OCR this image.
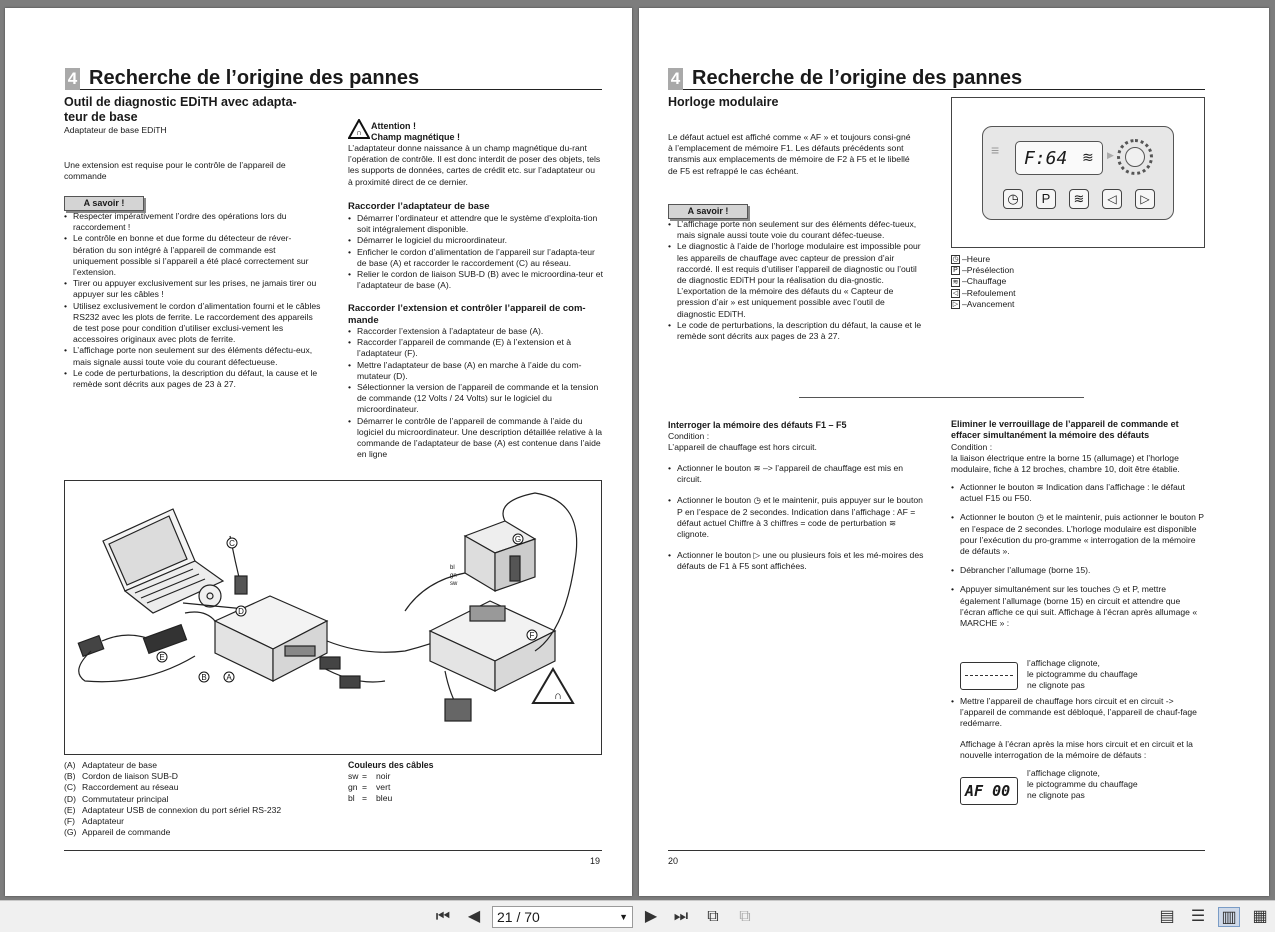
4 Recherche de l’origine des pannes
Outil de diagnostic EDiTH avec adapta-teur de base
Adaptateur de base EDiTH
Une extension est requise pour le contrôle de l’appareil de commande
A savoir !
• Respecter impérativement l’ordre des opérations lors du raccordement !
• Le contrôle en bonne et due forme du détecteur de réver-bération du son intégré à l’appareil de commande est uniquement possible si l’appareil a été placé correctement sur l’extension.
• Tirer ou appuyer exclusivement sur les prises, ne jamais tirer ou appuyer sur les câbles !
• Utilisez exclusivement le cordon d’alimentation fourni et le câbles RS232 avec les plots de ferrite. Le raccordement des appareils de test pose pour condition d’utiliser exclusi-vement les accessoires originaux avec plots de ferrite.
• L’affichage porte non seulement sur des éléments défectu-eux, mais signale aussi toute voie du courant défectueuse.
• Le code de perturbations, la description du défaut, la cause et le remède sont décrits aux pages de 23 à 27.
∩
Attention !
Champ magnétique !
L’adaptateur donne naissance à un champ magnétique du-rant l’opération de contrôle. Il est donc interdit de poser des objets, tels les supports de données, cartes de crédit etc. sur l’adaptateur ou à proximité direct de ce dernier.
Raccorder l’adaptateur de base
• Démarrer l’ordinateur et attendre que le système d’exploita-tion soit intégralement disponible.
• Démarrer le logiciel du microordinateur.
• Enficher le cordon d’alimentation de l’appareil sur l’adapta-teur de base (A) et raccorder le raccordement (C) au réseau.
• Relier le cordon de liaison SUB-D (B) avec le microordina-teur et l’adaptateur de base (A).
Raccorder l’extension et contrôler l’appareil de com-mande
• Raccorder l’extension à l’adaptateur de base (A).
• Raccorder l’appareil de commande (E) à l’extension et à l’adaptateur (F).
• Mettre l’adaptateur de base (A) en marche à l’aide du com-mutateur (D).
• Sélectionner la version de l’appareil de commande et la tension de commande (12 Volts / 24 Volts) sur le logiciel du microordinateur.
• Démarrer le contrôle de l’appareil de commande à l’aide du logiciel du microordinateur. Une description détaillée relative à la commande de l’adaptateur de base (A) est contenue dans l’aide en ligne
∩
C
D
E
B A
F
G
bl
gn
sw
(A) Adaptateur de base
(B) Cordon de liaison SUB-D
(C) Raccordement au réseau
(D) Commutateur principal
(E) Adaptateur USB de connexion du port sériel RS-232
(F) Adaptateur
(G) Appareil de commande
Couleurs des câbles
sw = noir
gn = vert
bl = bleu
19
4 Recherche de l’origine des pannes
Horloge modulaire
Le défaut actuel est affiché comme « AF » et toujours consi-gné à l’emplacement de mémoire F1. Les défauts précédents sont transmis aux emplacements de mémoire de F2 à F5 et le libellé de F5 est refrappé le cas échéant.
A savoir !
• L’affichage porte non seulement sur des éléments défec-tueux, mais signale aussi toute voie du courant défec-tueuse.
• Le diagnostic à l’aide de l’horloge modulaire est impossible pour les appareils de chauffage avec capteur de pression d’air raccordé. Il est requis d’utiliser l’appareil de diagnostic ou l’outil de diagnostic EDiTH pour la réalisation du dia-gnostic. L’exportation de la mémoire des défauts du « Capteur de pression d’air » est uniquement possible avec l’outil de diagnostic EDiTH.
• Le code de perturbations, la description du défaut, la cause et le remède sont décrits aux pages de 23 à 27.
≡	F:64 ≋ ▶
◷	P	≋	◁	▷
◷ –Heure
P –Présélection
≋ –Chauffage
◁ –Refoulement
▷ –Avancement
Interroger la mémoire des défauts F1 – F5
Condition :
L’appareil de chauffage est hors circuit.
• Actionner le bouton ≋ –> l’appareil de chauffage est mis en circuit.
• Actionner le bouton ◷ et le maintenir, puis appuyer sur le bouton P en l’espace de 2 secondes. Indication dans l’affichage : AF = défaut actuel Chiffre à 3 chiffres = code de perturbation ≋ clignote.
• Actionner le bouton ▷ une ou plusieurs fois et les mé-moires des défauts de F1 à F5 sont affichées.
Eliminer le verrouillage de l’appareil de commande et effacer simultanément la mémoire des défauts
Condition :
la liaison électrique entre la borne 15 (allumage) et l’horloge modulaire, fiche à 12 broches, chambre 10, doit être établie.
• Actionner le bouton ≋ Indication dans l’affichage : le défaut actuel F15 ou F50.
• Actionner le bouton ◷ et le maintenir, puis actionner le bouton P en l’espace de 2 secondes. L’horloge modulaire est disponible pour l’exécution du pro-gramme « interrogation de la mémoire de défauts ».
• Débrancher l’allumage (borne 15).
• Appuyer simultanément sur les touches ◷ et P, mettre également l’allumage (borne 15) en circuit et attendre que l’écran affiche ce qui suit. Affichage à l’écran après allumage « MARCHE » :
l’affichage clignote,
le pictogramme du chauffage
ne clignote pas
• Mettre l’appareil de chauffage hors circuit et en circuit -> l’appareil de commande est débloqué, l’appareil de chauf-fage redémarre.
Affichage à l’écran après la mise hors circuit et en circuit et la nouvelle interrogation de la mémoire de défauts :
AF 00
l’affichage clignote,
le pictogramme du chauffage
ne clignote pas
20
⏮	◀	21 / 70	▼	▶	⏭	⧉	⧉	▤ ☰ ▥ ▦
